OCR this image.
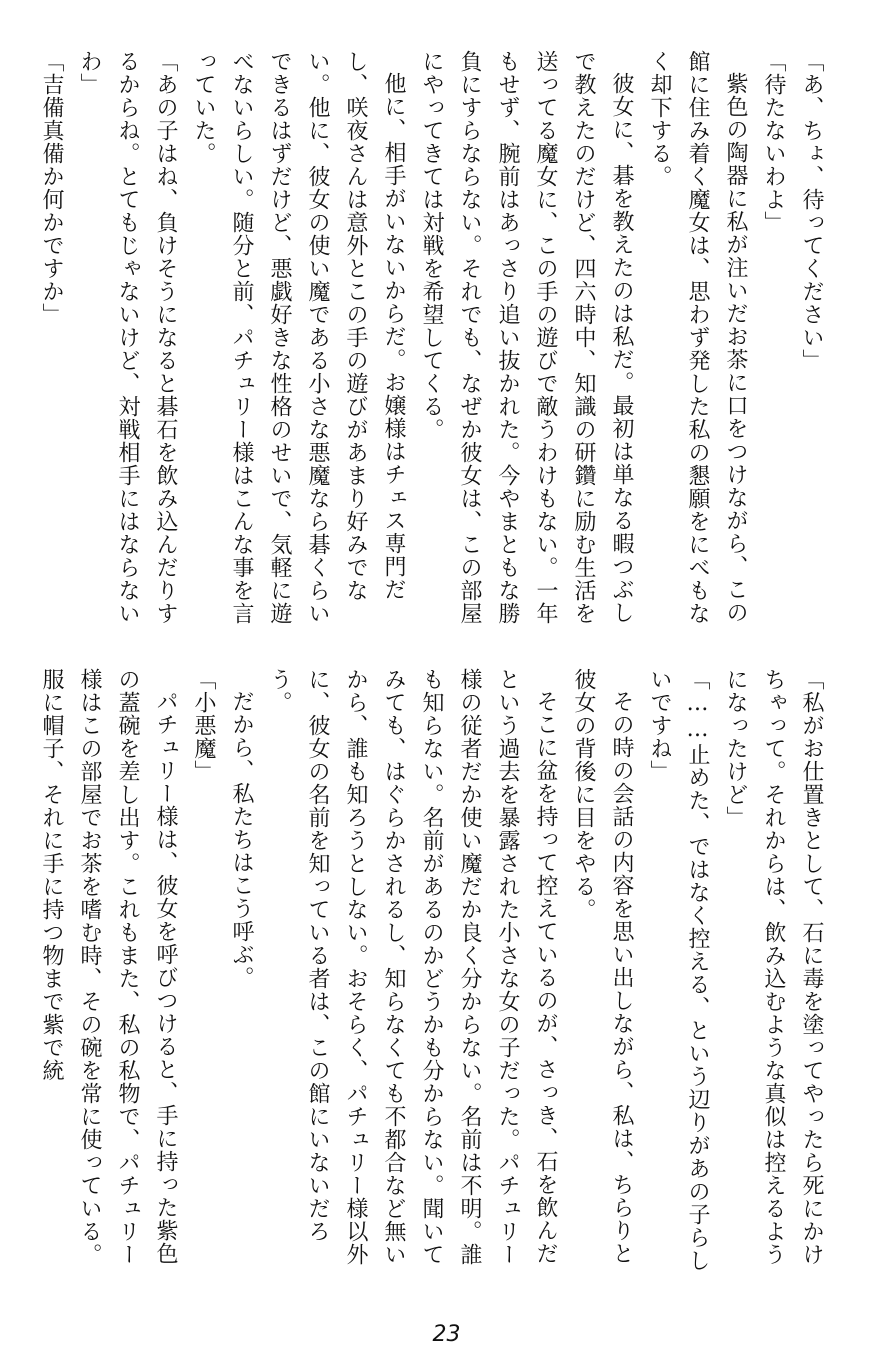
「あ、ちょ、待ってください」

「待たないわよ」

紫色の陶器に私が注いだお茶に口をつけながら、この館に住み着く魔女は、思わず発した私の懇願をにべもなく却下する。

彼女に、碁を教えたのは私だ。最初は単なる暇つぶしで教えたのだけど、四六時中、知識の研鑽に励む生活を送ってる魔女に、この手の遊びで敵うわけもない。一年もせず、腕前はあっさり追い抜かれた。今やまともな勝負にすらならない。それでも、なぜか彼女は、この部屋にやってきては対戦を希望してくる。

他に、相手がいないからだ。お嬢様はチェス専門だし、咲夜さんは意外とこの手の遊びがあまり好みでない。他に、彼女の使い魔である小さな悪魔なら碁くらいできるはずだけど、悪戯好きな性格のせいで、気軽に遊べないらしい。随分と前、パチュリー様はこんな事を言っていた。

「あの子はね、負けそうになると碁石を飲み込んだりするからね。とてもじゃないけど、対戦相手にはならないわ」

「吉備真備か何かですか」

「私がお仕置きとして、石に毒を塗ってやったら死にかけちゃって。それからは、飲み込むような真似は控えるようになったけど」

「……止めた、ではなく控える、という辺りがあの子らしいですね」

その時の会話の内容を思い出しながら、私は、ちらりと彼女の背後に目をやる。

そこに盆を持って控えているのが、さっき、石を飲んだという過去を暴露された小さな女の子だった。パチュリー様の従者だか使い魔だか良く分からない。名前は不明。誰も知らない。名前があるのかどうかも分からない。聞いてみても、はぐらかされるし、知らなくても不都合など無いから、誰も知ろうとしない。おそらく、パチュリー様以外に、彼女の名前を知っている者は、この館にいないだろう。

だから、私たちはこう呼ぶ。

「小悪魔」

パチュリー様は、彼女を呼びつけると、手に持った紫色の蓋碗を差し出す。これもまた、私の私物で、パチュリー様はこの部屋でお茶を嗜む時、その碗を常に使っている。服に帽子、それに手に持つ物まで紫で統

23
